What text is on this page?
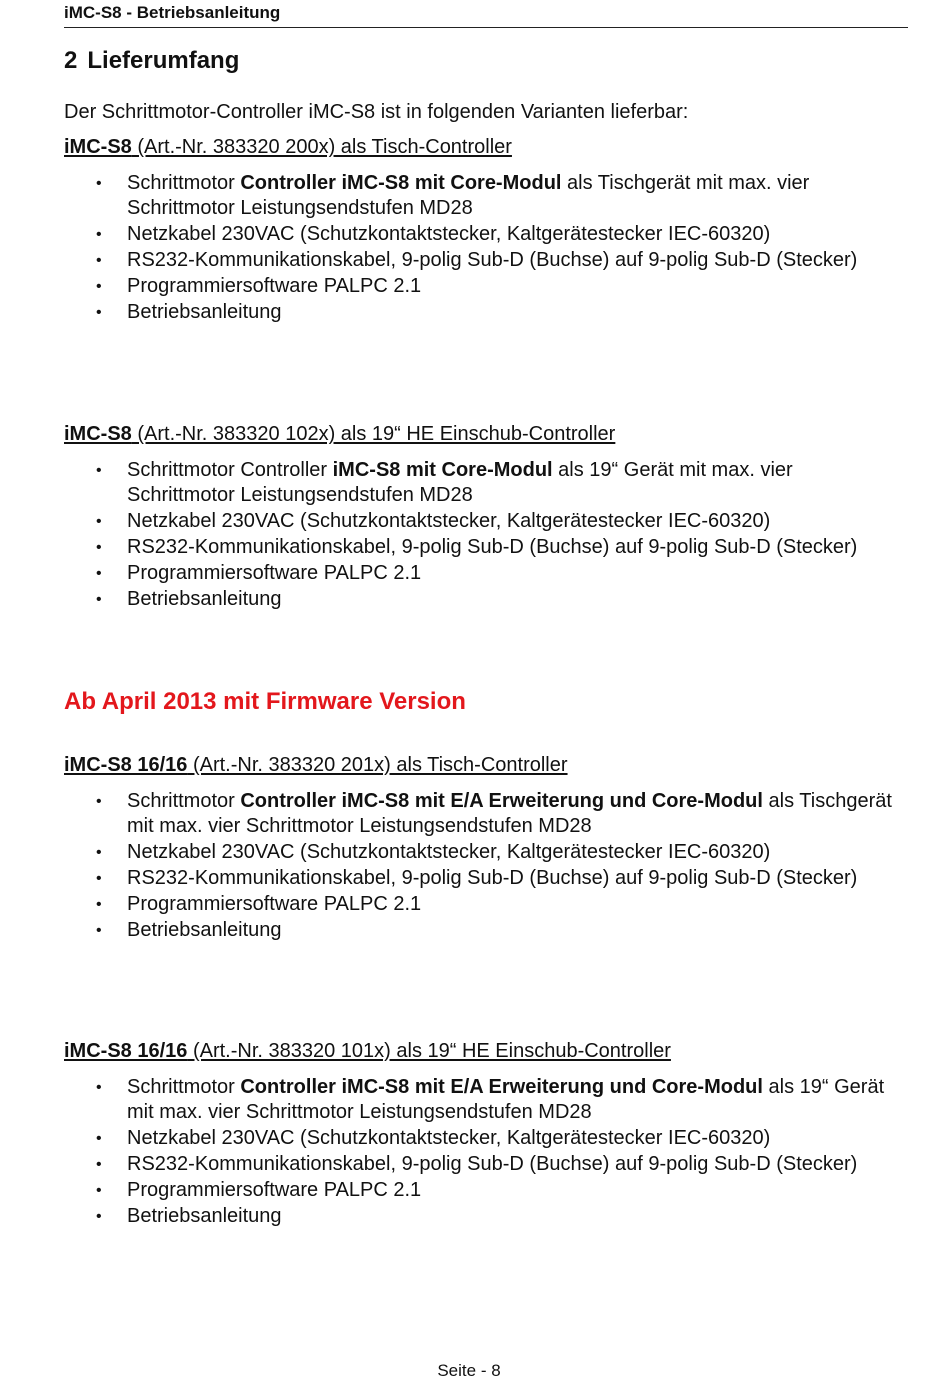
iMC-S8 - Betriebsanleitung
2 Lieferumfang

Der Schrittmotor-Controller iMC-S8 ist in folgenden Varianten lieferbar:

iMC-S8 (Art.-Nr. 383320 200x) als Tisch-Controller
• Schrittmotor Controller iMC-S8 mit Core-Modul als Tischgerät mit max. vier Schrittmotor Leistungsendstufen MD28
• Netzkabel 230VAC (Schutzkontaktstecker, Kaltgerätestecker IEC-60320)
• RS232-Kommunikationskabel, 9-polig Sub-D (Buchse) auf 9-polig Sub-D (Stecker)
• Programmiersoftware PALPC 2.1
• Betriebsanleitung
iMC-S8 (Art.-Nr. 383320 102x) als 19“ HE Einschub-Controller
• Schrittmotor Controller iMC-S8 mit Core-Modul als 19“ Gerät mit max. vier Schrittmotor Leistungsendstufen MD28
• Netzkabel 230VAC (Schutzkontaktstecker, Kaltgerätestecker IEC-60320)
• RS232-Kommunikationskabel, 9-polig Sub-D (Buchse) auf 9-polig Sub-D (Stecker)
• Programmiersoftware PALPC 2.1
• Betriebsanleitung
Ab April 2013 mit Firmware Version
iMC-S8 16/16 (Art.-Nr. 383320 201x) als Tisch-Controller
• Schrittmotor Controller iMC-S8 mit E/A Erweiterung und Core-Modul als Tischgerät mit max. vier Schrittmotor Leistungsendstufen MD28
• Netzkabel 230VAC (Schutzkontaktstecker, Kaltgerätestecker IEC-60320)
• RS232-Kommunikationskabel, 9-polig Sub-D (Buchse) auf 9-polig Sub-D (Stecker)
• Programmiersoftware PALPC 2.1
• Betriebsanleitung
iMC-S8 16/16 (Art.-Nr. 383320 101x) als 19“ HE Einschub-Controller
• Schrittmotor Controller iMC-S8 mit E/A Erweiterung und Core-Modul als 19“ Gerät mit max. vier Schrittmotor Leistungsendstufen MD28
• Netzkabel 230VAC (Schutzkontaktstecker, Kaltgerätestecker IEC-60320)
• RS232-Kommunikationskabel, 9-polig Sub-D (Buchse) auf 9-polig Sub-D (Stecker)
• Programmiersoftware PALPC 2.1
• Betriebsanleitung
Seite - 8
